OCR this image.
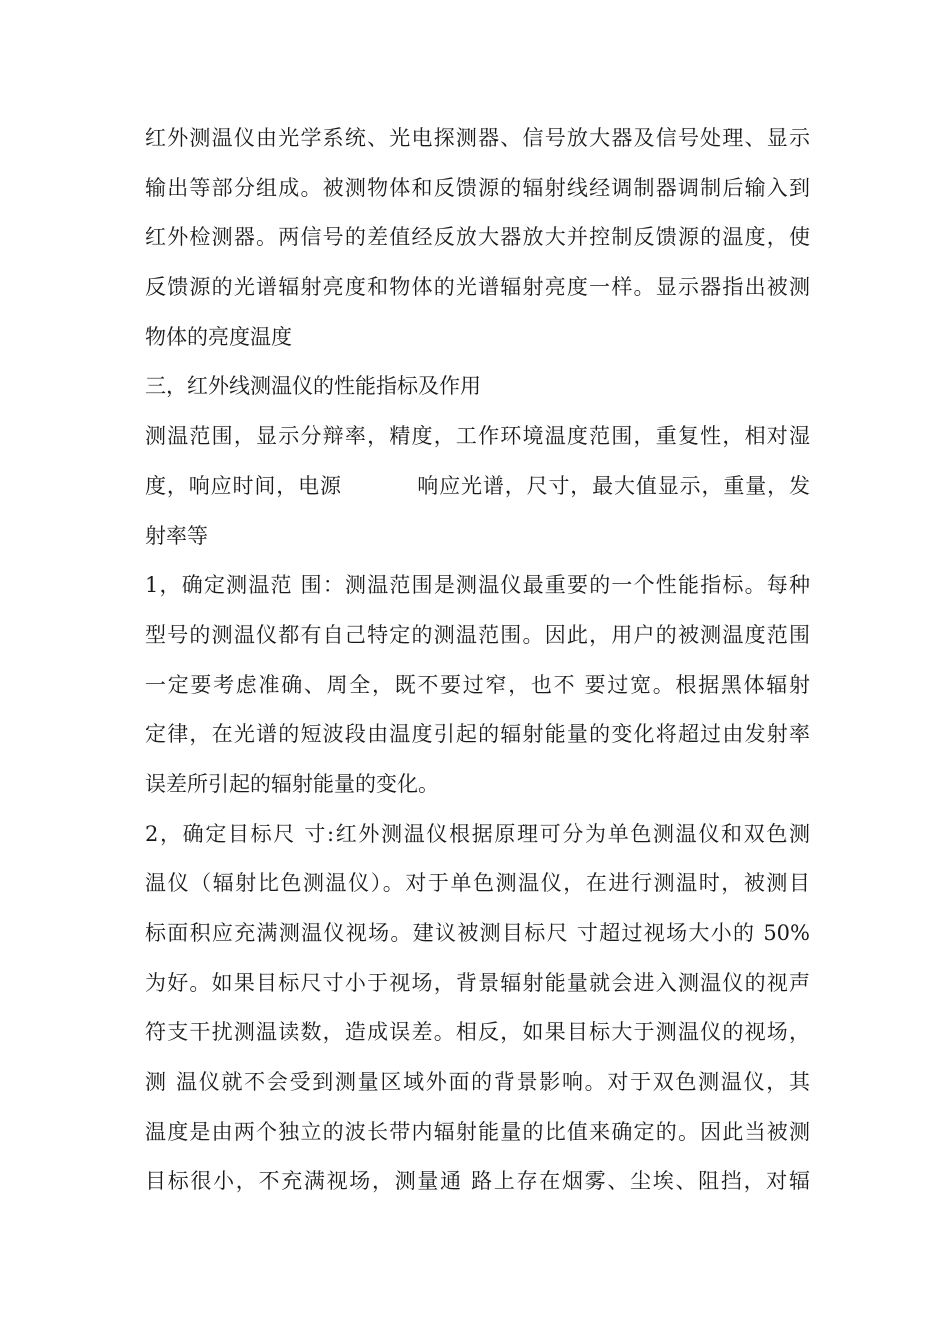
红外测温仪由光学系统、光电探测器、信号放大器及信号处理、显示
输出等部分组成。被测物体和反馈源的辐射线经调制器调制后输入到
红外检测器。两信号的差值经反放大器放大并控制反馈源的温度，使
反馈源的光谱辐射亮度和物体的光谱辐射亮度一样。显示器指出被测
物体的亮度温度
三，红外线测温仪的性能指标及作用
测温范围，显示分辩率，精度，工作环境温度范围，重复性，相对湿
度，响应时间，电源          响应光谱，尺寸，最大值显示，重量，发
射率等
1，确定测温范 围：测温范围是测温仪最重要的一个性能指标。每种
型号的测温仪都有自己特定的测温范围。因此，用户的被测温度范围
一定要考虑准确、周全，既不要过窄，也不 要过宽。根据黑体辐射
定律，在光谱的短波段由温度引起的辐射能量的变化将超过由发射率
误差所引起的辐射能量的变化。
2，确定目标尺 寸:红外测温仪根据原理可分为单色测温仪和双色测
温仪（辐射比色测温仪）。对于单色测温仪，在进行测温时，被测目
标面积应充满测温仪视场。建议被测目标尺 寸超过视场大小的 50%
为好。如果目标尺寸小于视场，背景辐射能量就会进入测温仪的视声
符支干扰测温读数，造成误差。相反，如果目标大于测温仪的视场，
测 温仪就不会受到测量区域外面的背景影响。对于双色测温仪，其
温度是由两个独立的波长带内辐射能量的比值来确定的。因此当被测
目标很小，不充满视场，测量通 路上存在烟雾、尘埃、阻挡，对辐
